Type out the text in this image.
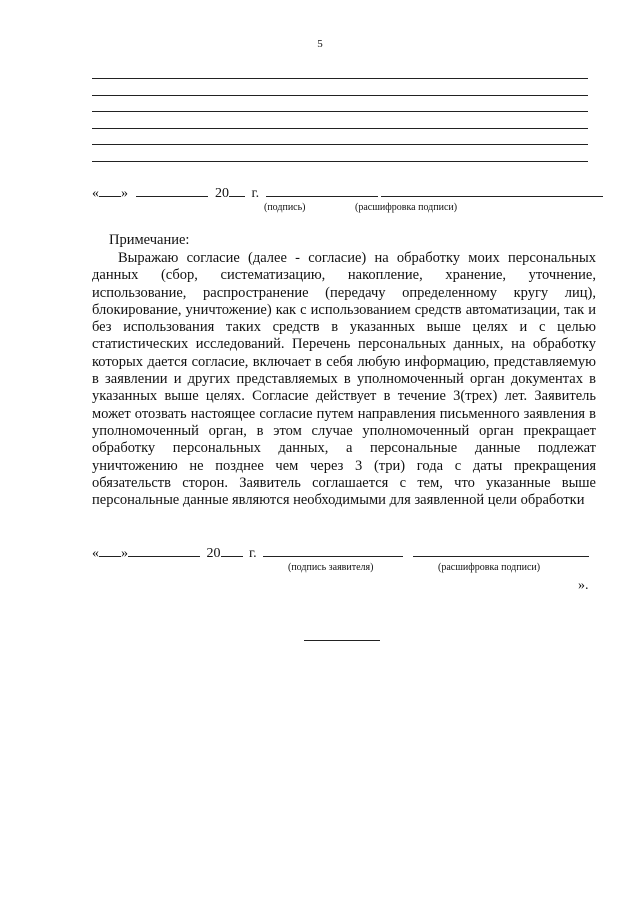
5
« »	20 г.
(подпись)	(расшифровка подписи)
Примечание:

Выражаю согласие (далее - согласие) на обработку моих персональных данных (сбор, систематизацию, накопление, хранение, уточнение, использование, распространение (передачу определенному кругу лиц), блокирование, уничтожение) как с использованием средств автоматизации, так и без использования таких средств в указанных выше целях и с целью статистических исследований. Перечень персональных данных, на обработку которых дается согласие, включает в себя любую информацию, представляемую в заявлении и других представляемых в уполномоченный орган документах в указанных выше целях. Согласие действует в течение 3(трех) лет. Заявитель может отозвать настоящее согласие путем направления письменного заявления в уполномоченный орган, в этом случае уполномоченный орган прекращает обработку персональных данных, а персональные данные подлежат уничтожению не позднее чем через 3 (три) года с даты прекращения обязательств сторон. Заявитель соглашается с тем, что указанные выше персональные данные являются необходимыми для заявленной цели обработки

« »	20 г.
(подпись заявителя)	(расшифровка подписи)
».
